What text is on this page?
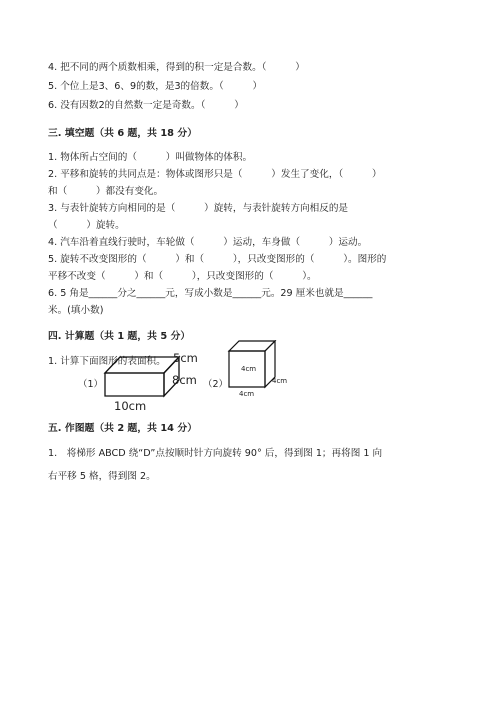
4. 把不同的两个质数相乘，得到的积一定是合数。（　　　）
5. 个位上是3、6、9的数，是3的倍数。（　　　）
6. 没有因数2的自然数一定是奇数。（　　　）
三. 填空题（共 6 题，共 18 分）
1. 物体所占空间的（　　　）叫做物体的体积。
2. 平移和旋转的共同点是：物体或图形只是（　　　）发生了变化，（　　　）
和（　　　）都没有变化。
3. 与表针旋转方向相同的是（　　　）旋转，与表针旋转方向相反的是
（　　　）旋转。
4. 汽车沿着直线行驶时，车轮做（　　　）运动，车身做（　　　）运动。
5. 旋转不改变图形的（　　　）和（　　　），只改变图形的（　　　）。图形的
平移不改变（　　　）和（　　　），只改变图形的（　　　）。
6. 5 角是______分之______元，写成小数是______元。29 厘米也就是______
米。(填小数)
四. 计算题（共 1 题，共 5 分）
1. 计算下面图形的表面积。
（1）
5cm
8cm
10cm
（2）
4cm
4cm
4cm
五. 作图题（共 2 题，共 14 分）
1.　将梯形 ABCD 绕“D”点按顺时针方向旋转 90° 后，得到图 1；再将图 1 向
右平移 5 格，得到图 2。
